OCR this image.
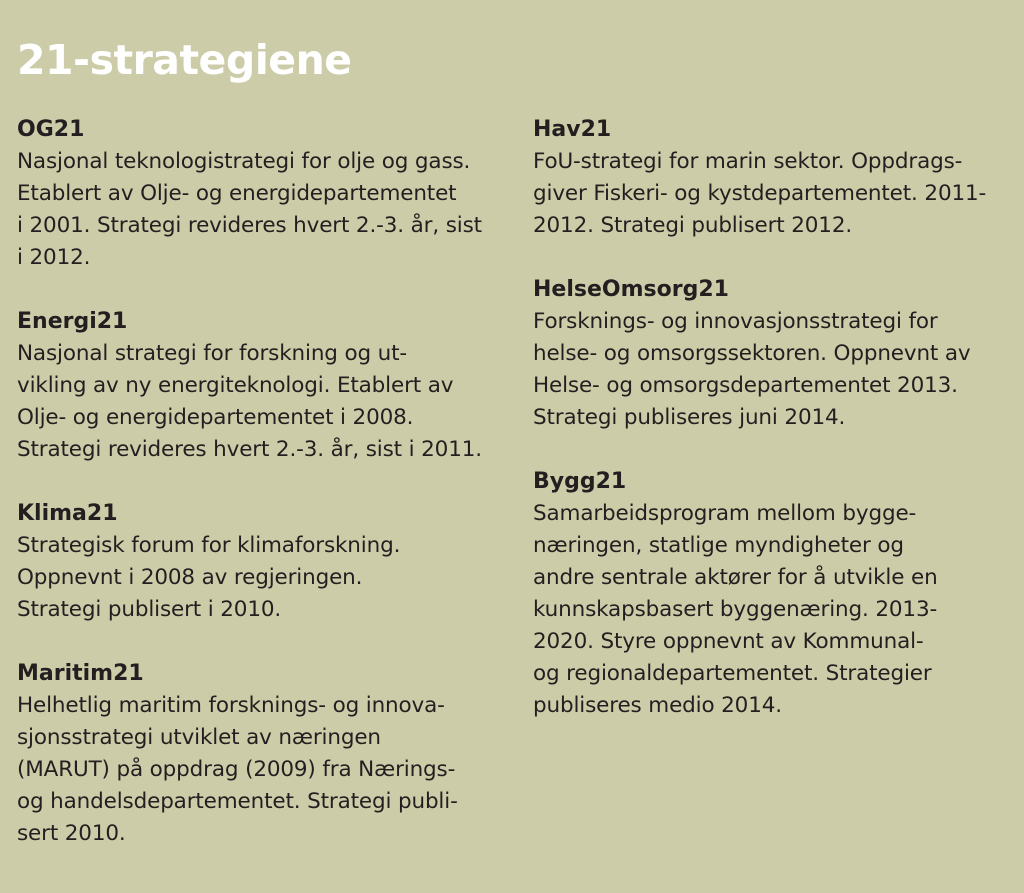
21-strategiene

OG21

Nasjonal teknologistrategi for olje og gass.
Etablert av Olje- og energidepartementet
i 2001. Strategi revideres hvert 2.-3. år, sist
i 2012.

Energi21

Nasjonal strategi for forskning og ut-
vikling av ny energiteknologi. Etablert av
Olje- og energidepartementet i 2008.
Strategi revideres hvert 2.-3. år, sist i 2011.

Klima21

Strategisk forum for klimaforskning.
Oppnevnt i 2008 av regjeringen.
Strategi publisert i 2010.

Maritim21

Helhetlig maritim forsknings- og innova-
sjonsstrategi utviklet av næringen
(MARUT) på oppdrag (2009) fra Nærings-
og handelsdepartementet. Strategi publi-
sert 2010.

Hav21

FoU-strategi for marin sektor. Oppdrags-
giver Fiskeri- og kystdepartementet. 2011-
2012. Strategi publisert 2012.

HelseOmsorg21

Forsknings- og innovasjonsstrategi for
helse- og omsorgssektoren. Oppnevnt av
Helse- og omsorgsdepartementet 2013.
Strategi publiseres juni 2014.

Bygg21

Samarbeidsprogram mellom bygge-
næringen, statlige myndigheter og
andre sentrale aktører for å utvikle en
kunnskapsbasert byggenæring. 2013-
2020. Styre oppnevnt av Kommunal-
og regionaldepartementet. Strategier
publiseres medio 2014.
